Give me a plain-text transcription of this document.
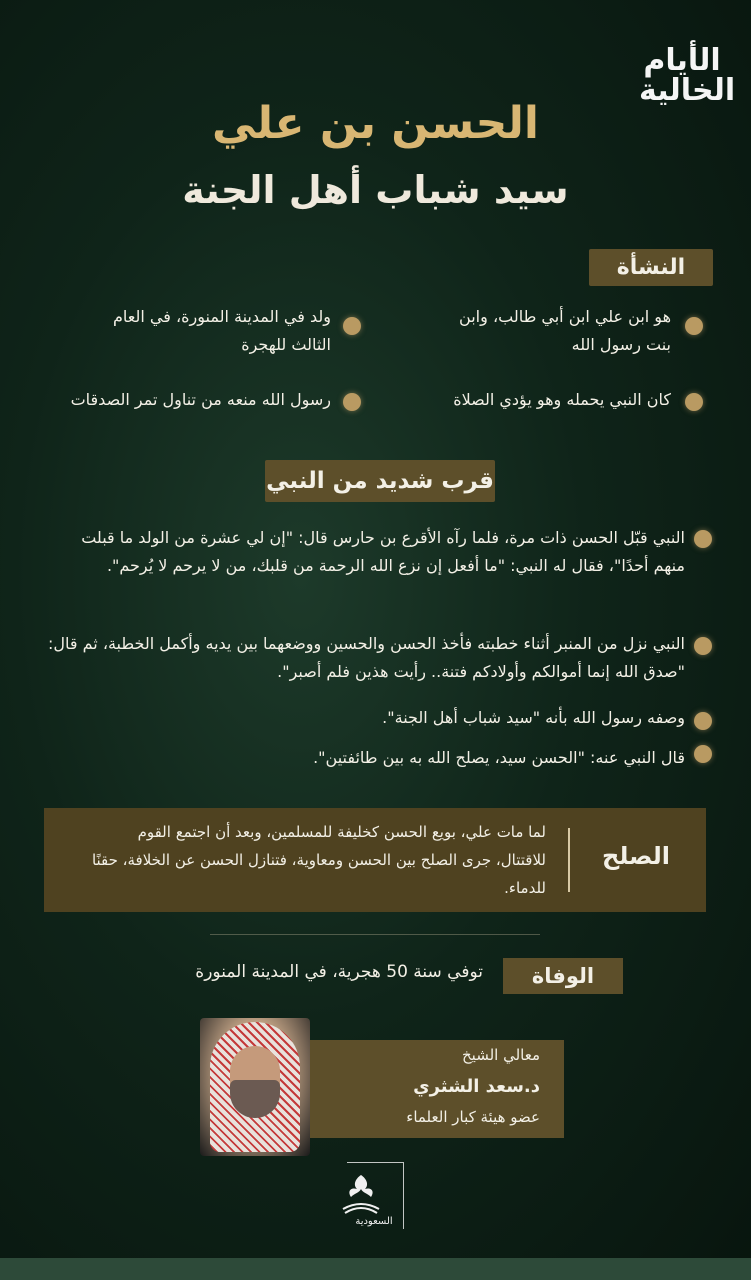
الأيام
الخالية
الحسن بن علي
سيد شباب أهل الجنة
النشأة
هو ابن علي ابن أبي طالب، وابن بنت رسول الله
ولد في المدينة المنورة، في العام الثالث للهجرة
كان النبي يحمله وهو يؤدي الصلاة
رسول الله منعه من تناول تمر الصدقات
قرب شديد من النبي
النبي قبّل الحسن ذات مرة، فلما رآه الأقرع بن حارس قال: "إن لي عشرة من الولد ما قبلت منهم أحدًا"، فقال له النبي: "ما أفعل إن نزع الله الرحمة من قلبك، من لا يرحم لا يُرحم".
النبي نزل من المنبر أثناء خطبته فأخذ الحسن والحسين ووضعهما بين يديه وأكمل الخطبة، ثم قال: "صدق الله إنما أموالكم وأولادكم فتنة.. رأيت هذين فلم أصبر".
وصفه رسول الله بأنه "سيد شباب أهل الجنة".
قال النبي عنه: "الحسن سيد، يصلح الله به بين طائفتين".
الصلح
لما مات علي، بويع الحسن كخليفة للمسلمين، وبعد أن اجتمع القوم للاقتتال، جرى الصلح بين الحسن ومعاوية، فتنازل الحسن عن الخلافة، حقنًا للدماء.
الوفاة
توفي سنة 50 هجرية، في المدينة المنورة
معالي الشيخ
د.سعد الشثري
عضو هيئة كبار العلماء
السعودية
